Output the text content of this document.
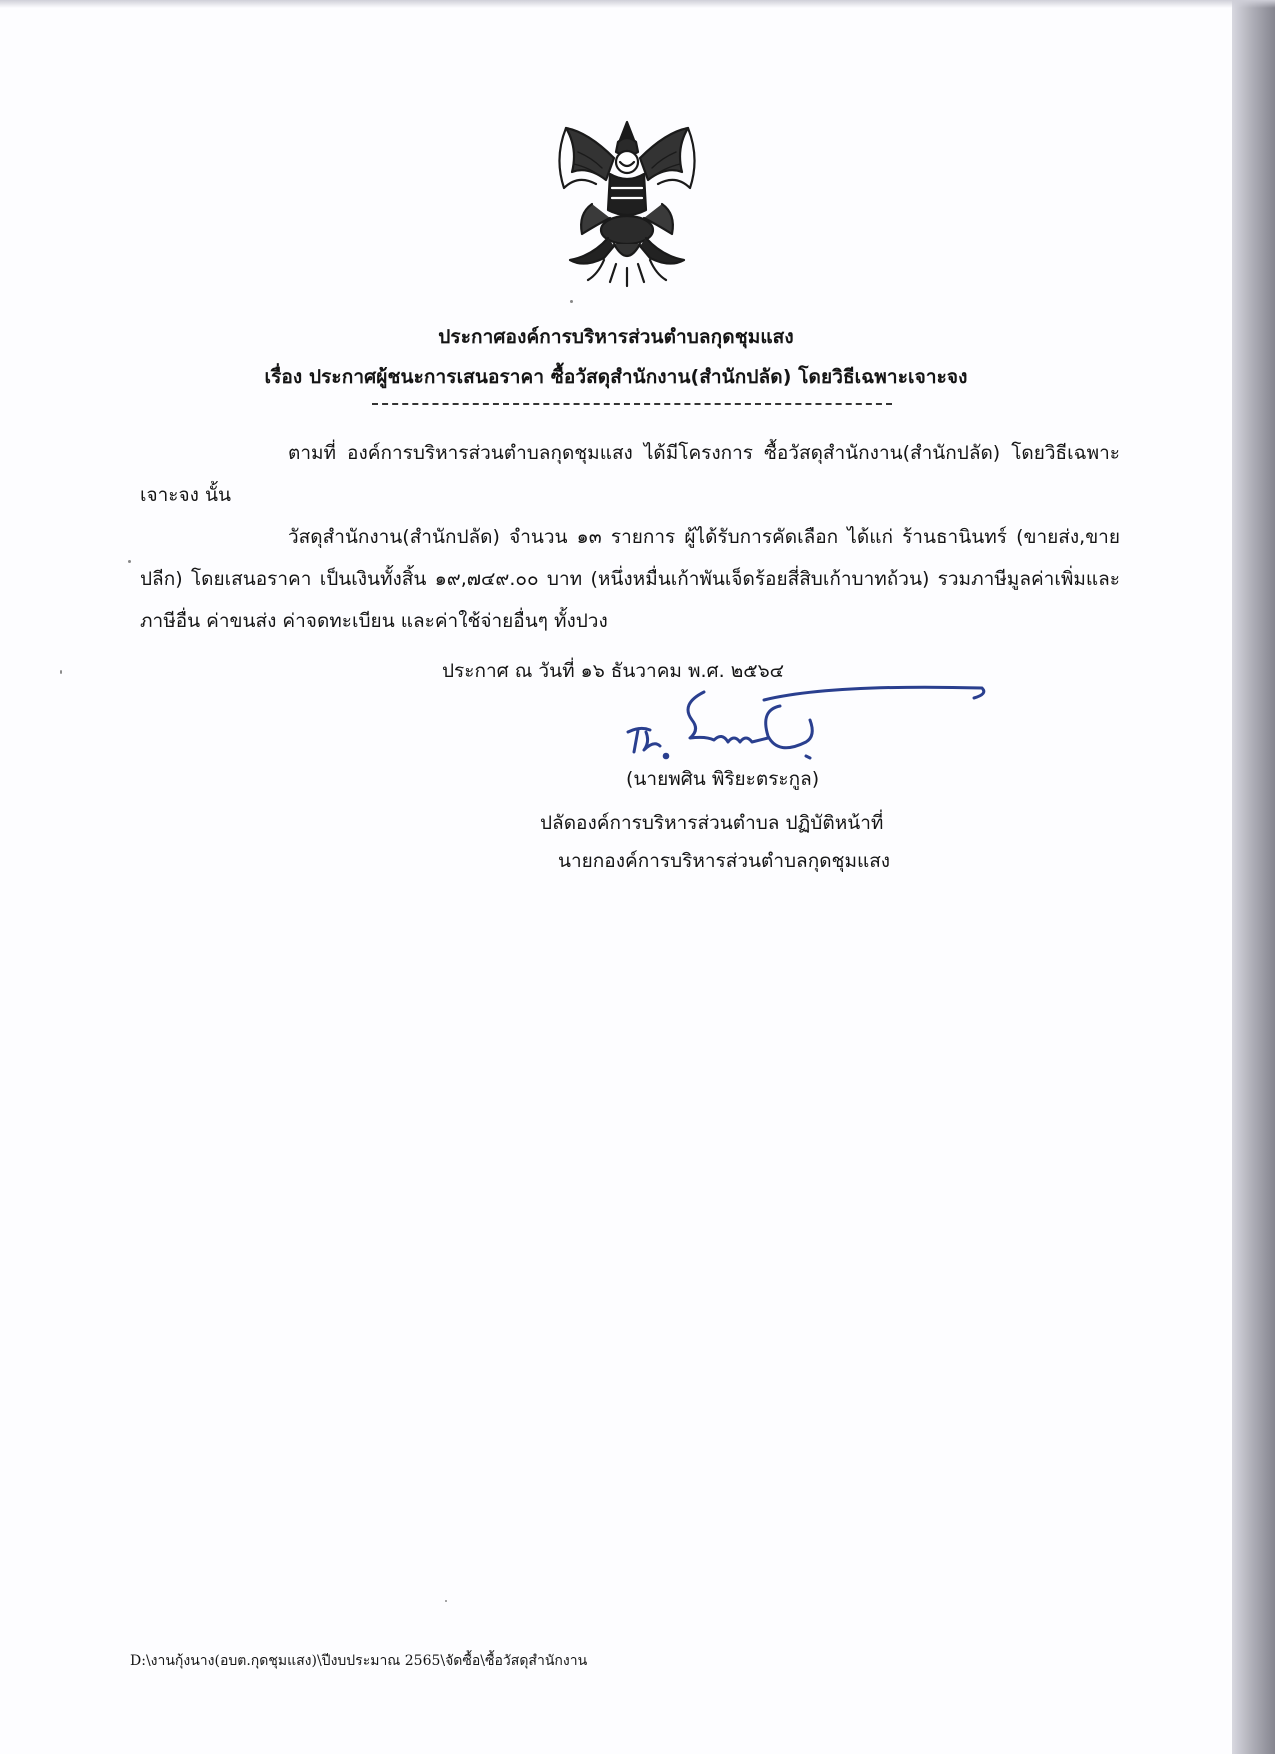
ประกาศองค์การบริหารส่วนตำบลกุดชุมแสง
เรื่อง ประกาศผู้ชนะการเสนอราคา ซื้อวัสดุสำนักงาน(สำนักปลัด) โดยวิธีเฉพาะเจาะจง

ตามที่ องค์การบริหารส่วนตำบลกุดชุมแสง ได้มีโครงการ ซื้อวัสดุสำนักงาน(สำนักปลัด) โดยวิธีเฉพาะเจาะจง นั้น

วัสดุสำนักงาน(สำนักปลัด) จำนวน ๑๓ รายการ ผู้ได้รับการคัดเลือก ได้แก่ ร้านธานินทร์ (ขายส่ง,ขายปลีก) โดยเสนอราคา เป็นเงินทั้งสิ้น ๑๙,๗๔๙.๐๐ บาท (หนึ่งหมื่นเก้าพันเจ็ดร้อยสี่สิบเก้าบาทถ้วน) รวมภาษีมูลค่าเพิ่มและภาษีอื่น ค่าขนส่ง ค่าจดทะเบียน และค่าใช้จ่ายอื่นๆ ทั้งปวง

ประกาศ ณ วันที่ ๑๖ ธันวาคม พ.ศ. ๒๕๖๔
(นายพศิน พิริยะตระกูล)
ปลัดองค์การบริหารส่วนตำบล ปฏิบัติหน้าที่
นายกองค์การบริหารส่วนตำบลกุดชุมแสง
D:\งานกุ้งนาง(อบต.กุดชุมแสง)\ปีงบประมาณ 2565\จัดซื้อ\ซื้อวัสดุสำนักงาน
